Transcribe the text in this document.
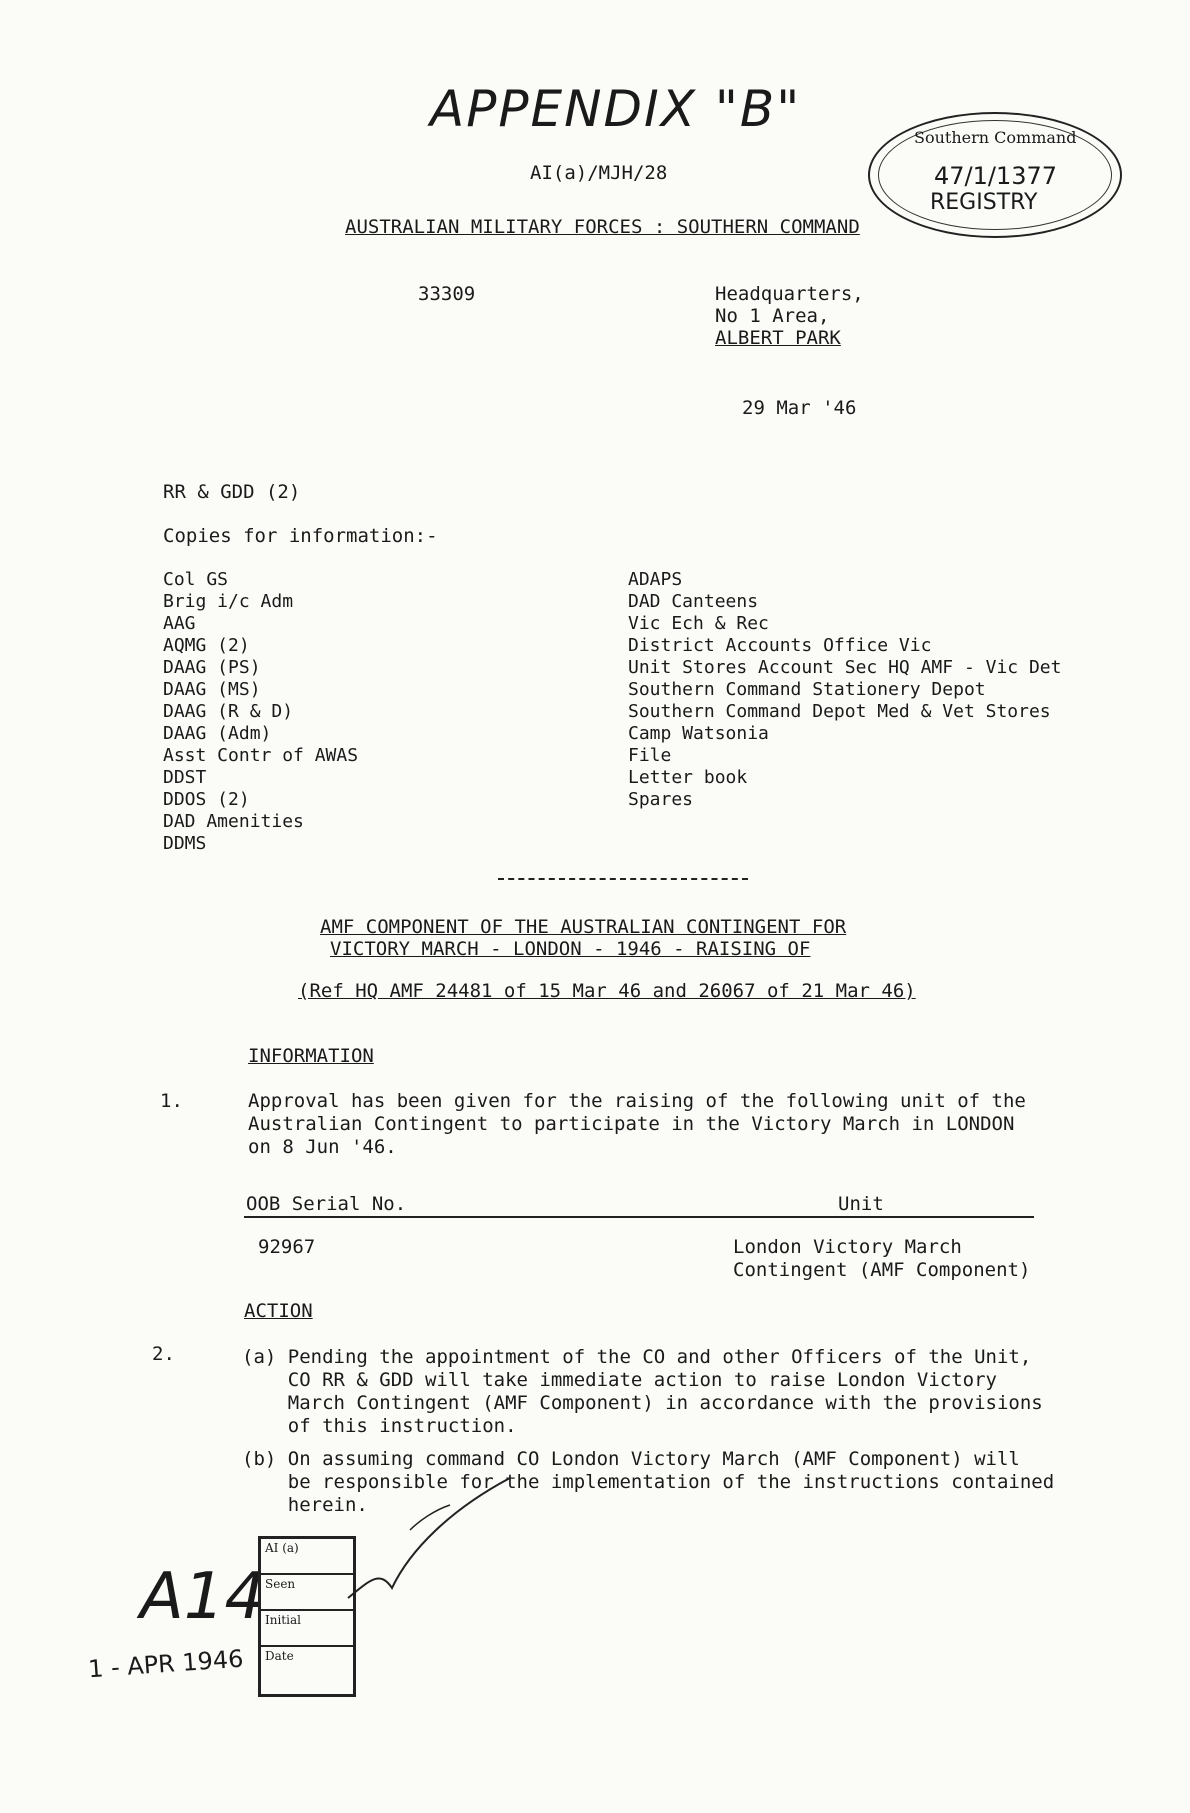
APPENDIX "B"
AI(a)/MJH/28
Southern Command
47/1/1377
REGISTRY
AUSTRALIAN MILITARY FORCES : SOUTHERN COMMAND
33309	Headquarters,
No 1 Area,
ALBERT PARK
29 Mar '46
RR & GDD (2)
Copies for information:-
Col GS
Brig i/c Adm
AAG
AQMG (2)
DAAG (PS)
DAAG (MS)
DAAG (R & D)
DAAG (Adm)
Asst Contr of AWAS
DDST
DDOS (2)
DAD Amenities
DDMS
ADAPS
DAD Canteens
Vic Ech & Rec
District Accounts Office Vic
Unit Stores Account Sec HQ AMF - Vic Det
Southern Command Stationery Depot
Southern Command Depot Med & Vet Stores
Camp Watsonia
File
Letter book
Spares
AMF COMPONENT OF THE AUSTRALIAN CONTINGENT FOR
VICTORY MARCH - LONDON - 1946 - RAISING OF
(Ref HQ AMF 24481 of 15 Mar 46 and 26067 of 21 Mar 46)
INFORMATION
1.	Approval has been given for the raising of the following unit of the
Australian Contingent to participate in the Victory March in LONDON
on 8 Jun '46.
OOB Serial No.	Unit
92967	London Victory March
Contingent (AMF Component)
ACTION
2.	(a) Pending the appointment of the CO and other Officers of the Unit,
CO RR & GDD will take immediate action to raise London Victory
March Contingent (AMF Component) in accordance with the provisions
of this instruction.
(b) On assuming command CO London Victory March (AMF Component) will
be responsible for the implementation of the instructions contained
herein.
A14
1 - APR 1946
AI (a)
Seen
Initial
Date
